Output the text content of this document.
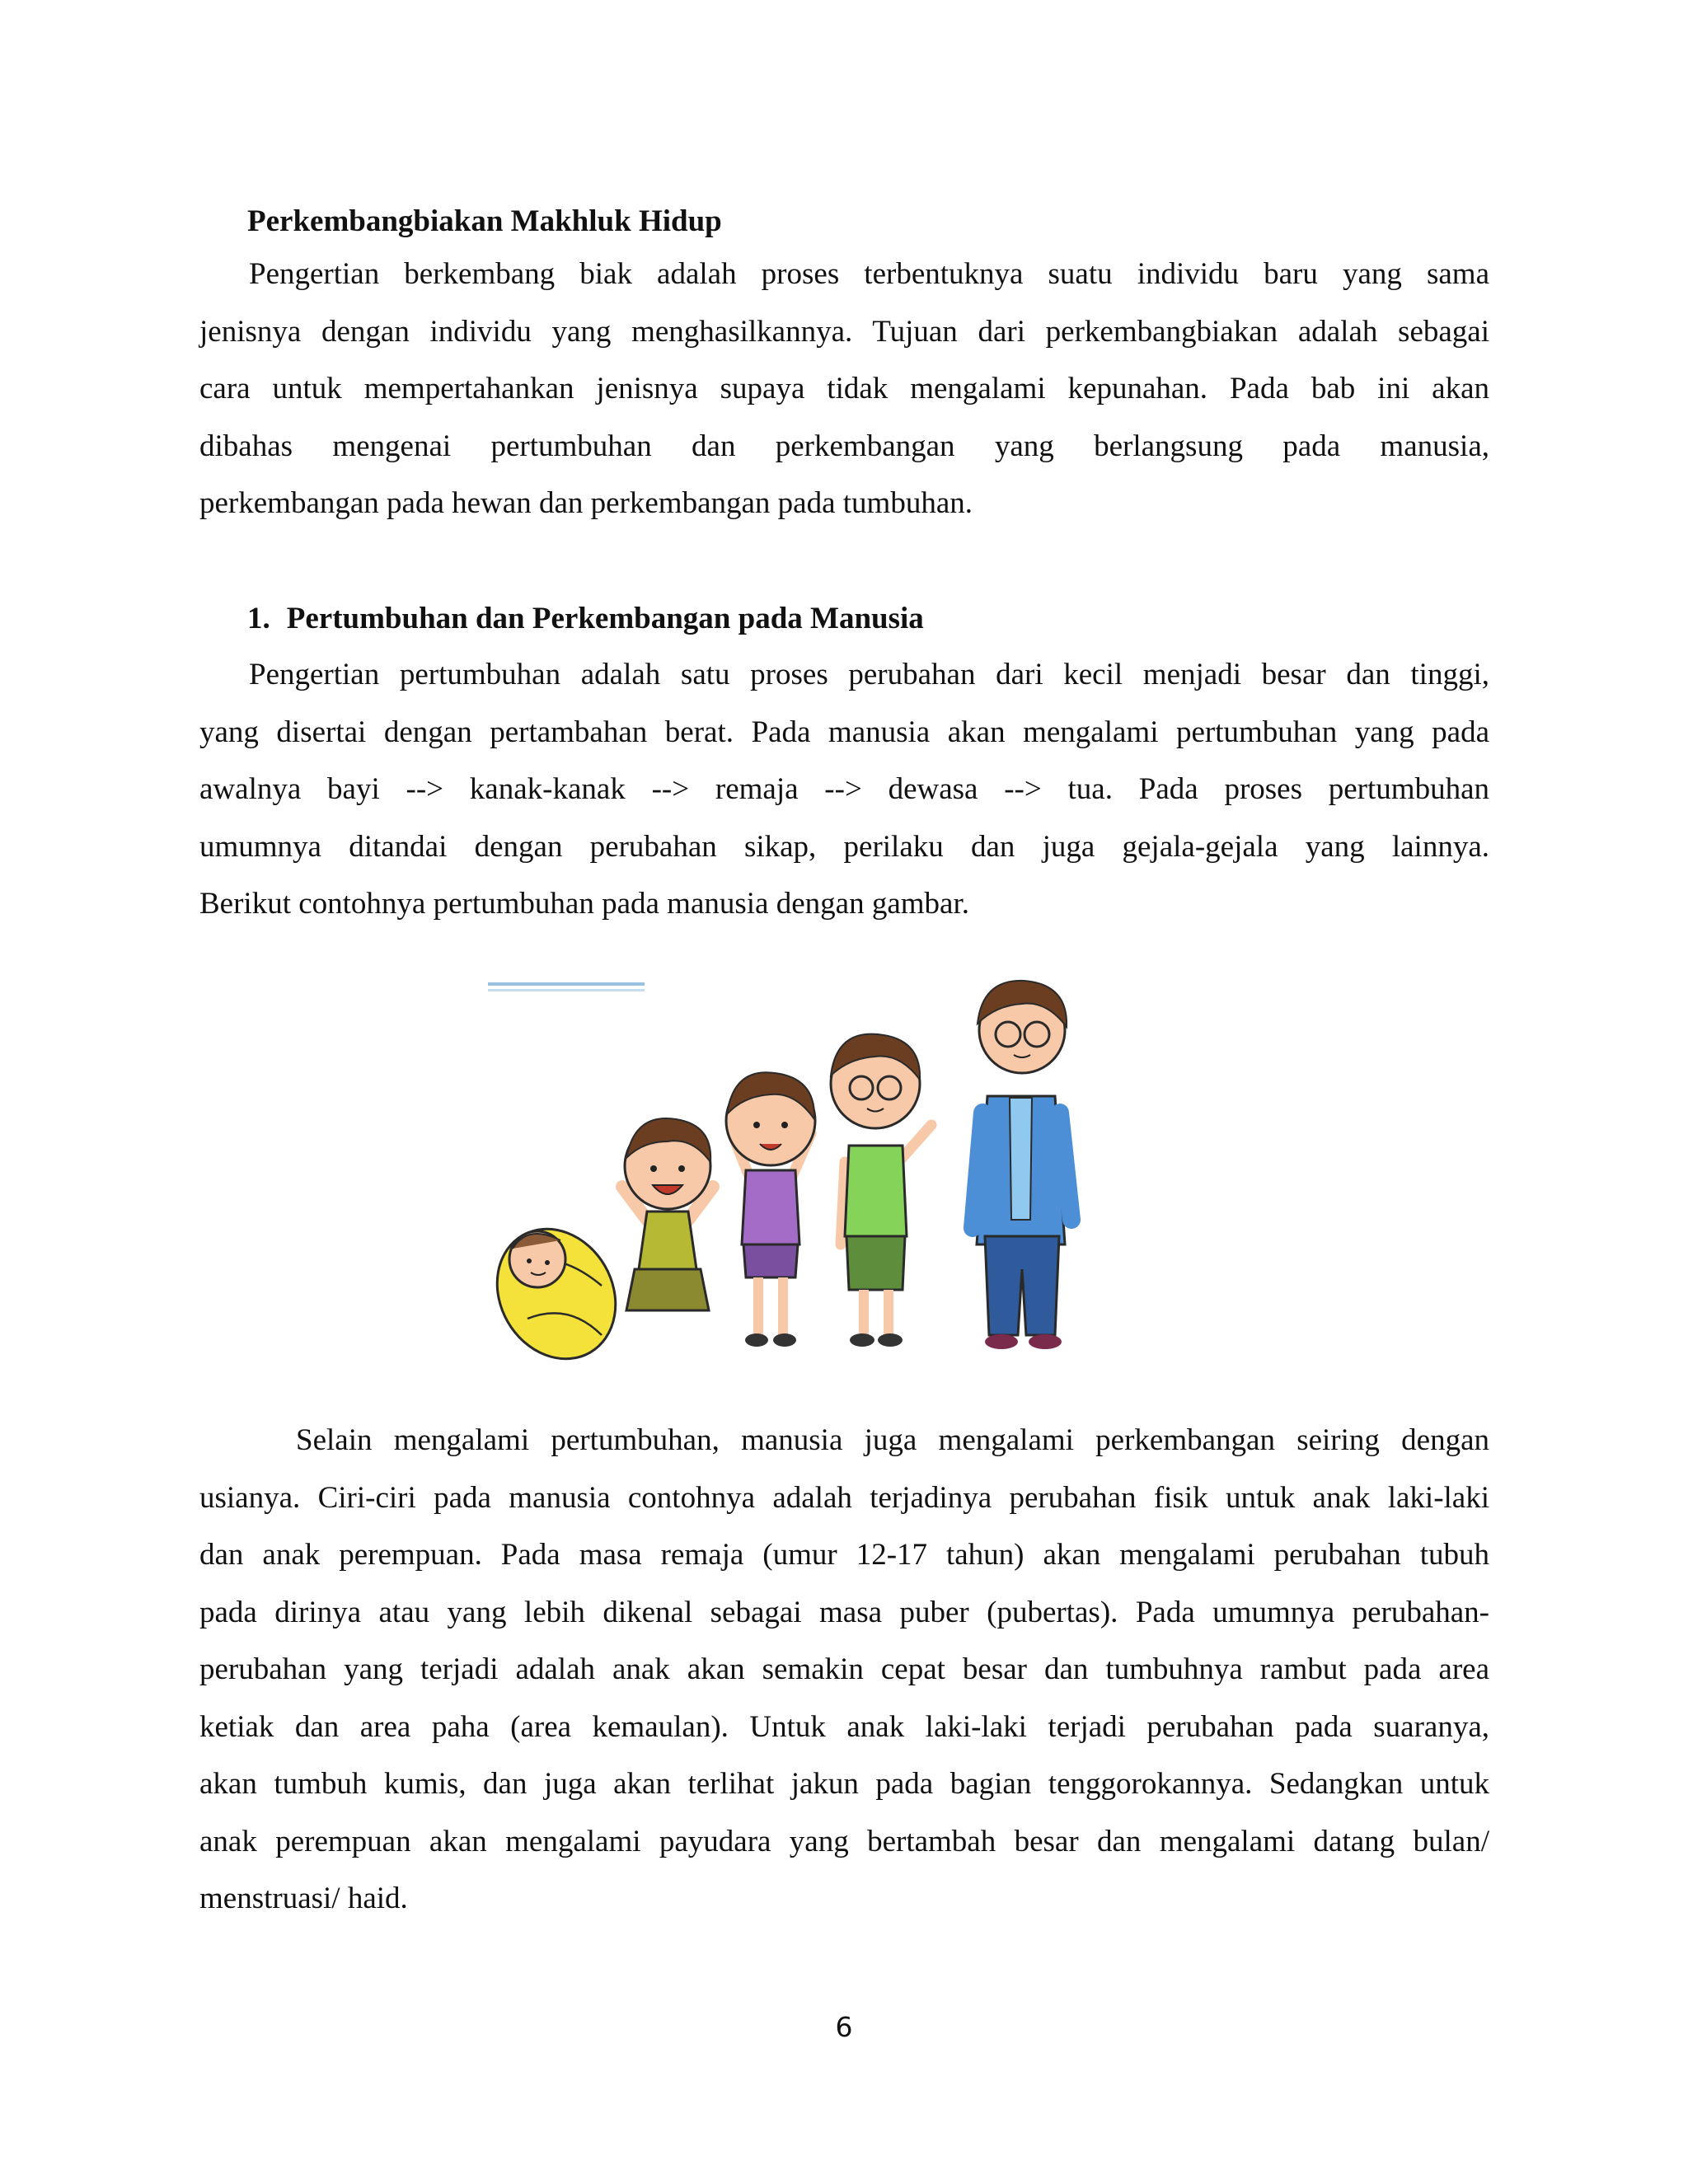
Perkembangbiakan Makhluk Hidup

Pengertian berkembang biak adalah proses terbentuknya suatu individu baru yang sama
jenisnya dengan individu yang menghasilkannya. Tujuan dari perkembangbiakan adalah sebagai
cara untuk mempertahankan jenisnya supaya tidak mengalami kepunahan. Pada bab ini akan
dibahas mengenai pertumbuhan dan perkembangan yang berlangsung pada manusia,
perkembangan pada hewan dan perkembangan pada tumbuhan.

1. Pertumbuhan dan Perkembangan pada Manusia

Pengertian pertumbuhan adalah satu proses perubahan dari kecil menjadi besar dan tinggi,
yang disertai dengan pertambahan berat. Pada manusia akan mengalami pertumbuhan yang pada
awalnya bayi --> kanak-kanak --> remaja --> dewasa --> tua. Pada proses pertumbuhan
umumnya ditandai dengan perubahan sikap, perilaku dan juga gejala-gejala yang lainnya.
Berikut contohnya pertumbuhan pada manusia dengan gambar.

Selain mengalami pertumbuhan, manusia juga mengalami perkembangan seiring dengan
usianya. Ciri-ciri pada manusia contohnya adalah terjadinya perubahan fisik untuk anak laki-laki
dan anak perempuan. Pada masa remaja (umur 12-17 tahun) akan mengalami perubahan tubuh
pada dirinya atau yang lebih dikenal sebagai masa puber (pubertas). Pada umumnya perubahan-
perubahan yang terjadi adalah anak akan semakin cepat besar dan tumbuhnya rambut pada area
ketiak dan area paha (area kemaulan). Untuk anak laki-laki terjadi perubahan pada suaranya,
akan tumbuh kumis, dan juga akan terlihat jakun pada bagian tenggorokannya. Sedangkan untuk
anak perempuan akan mengalami payudara yang bertambah besar dan mengalami datang bulan/
menstruasi/ haid.

6
